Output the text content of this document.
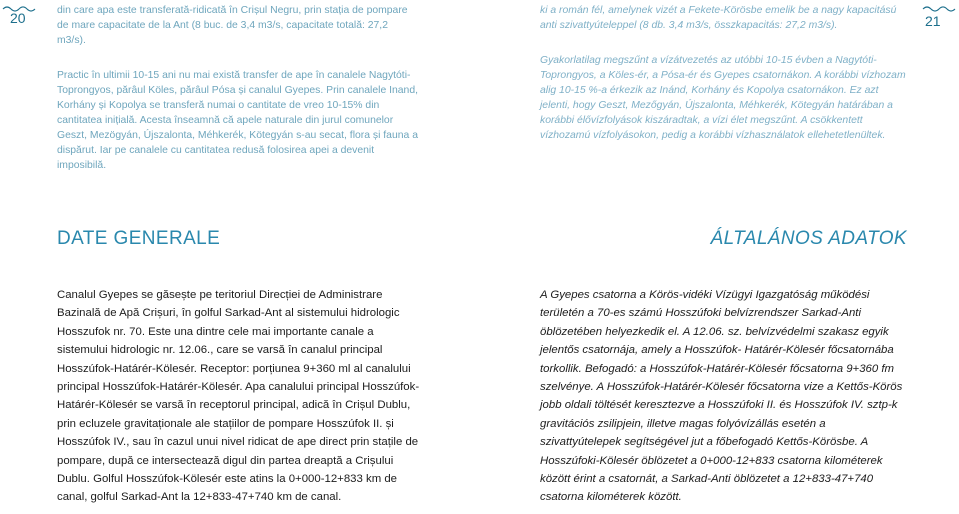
20	21

din care apa este transferată-ridicată în Crișul Negru, prin stația de pompare de mare capacitate de la Ant (8 buc. de 3,4 m3/s, capacitate totală: 27,2 m3/s).

Practic în ultimii 10-15 ani nu mai există transfer de ape în canalele Nagytóti-Toprongyos, părâul Köles, părâul Pósa și canalul Gyepes. Prin canalele Inand, Korhány și Kopolya se transferă numai o cantitate de vreo 10-15% din cantitatea inițială. Acesta înseamnă că apele naturale din jurul comunelor Geszt, Mezögyán, Újszalonta, Méhkerék, Kötegyán s-au secat, flora și fauna a dispărut. Iar pe canalele cu cantitatea redusă folosirea apei a devenit imposibilă.

DATE GENERALE

Canalul Gyepes se găsește pe teritoriul Direcției de Administrare Bazinală de Apă Crișuri, în golful Sarkad-Ant al sistemului hidrologic Hosszufok nr. 70. Este una dintre cele mai importante canale a sistemului hidrologic nr. 12.06., care se varsă în canalul principal Hosszúfok-Határér-Kölesér. Receptor: porțiunea 9+360 ml al canalului principal Hosszúfok-Határér-Kölesér. Apa canalului principal Hosszúfok-Határér-Kölesér se varsă în receptorul principal, adică în Crișul Dublu, prin ecluzele gravitaționale ale stațiilor de pompare Hosszúfok II. și Hosszúfok IV., sau în cazul unui nivel ridicat de ape direct prin stațile de pompare, după ce intersectează digul din partea dreaptă a Crișului Dublu. Golful Hosszúfok-Kölesér este atins la 0+000-12+833 km de canal, golful Sarkad-Ant la 12+833-47+740 km de canal.

ki a román fél, amelynek vizét a Fekete-Körösbe emelik be a nagy kapacitású anti szivattyúteleppel (8 db. 3,4 m3/s, összkapacitás: 27,2 m3/s).

Gyakorlatilag megszűnt a vízátvezetés az utóbbi 10-15 évben a Nagytóti-Toprongyos, a Köles-ér, a Pósa-ér és Gyepes csatornákon. A korábbi vízhozam alig 10-15 %-a érkezik az Inánd, Korhány és Kopolya csatornákon. Ez azt jelenti, hogy Geszt, Mezőgyán, Újszalonta, Méhkerék, Kötegyán határában a korábbi élővízfolyások kiszáradtak, a vízi élet megszűnt. A csökkentett vízhozamú vízfolyásokon, pedig a korábbi vízhasználatok ellehetetlenültek.

ÁLTALÁNOS ADATOK

A Gyepes csatorna a Körös-vidéki Vízügyi Igazgatóság működési területén a 70-es számú Hosszúfoki belvízrendszer Sarkad-Anti öblözetében helyezkedik el. A 12.06. sz. belvízvédelmi szakasz egyik jelentős csatornája, amely a Hosszúfok- Határér-Kölesér főcsatornába torkollik. Befogadó: a Hosszúfok-Határér-Kölesér főcsatorna 9+360 fm szelvénye. A Hosszúfok-Határér-Kölesér főcsatorna vize a Kettős-Körös jobb oldali töltését keresztezve a Hosszúfoki II. és Hosszúfok IV. sztp-k gravitációs zsilipjein, illetve magas folyóvízállás esetén a szivattyútelepek segítségével jut a főbefogadó Kettős-Körösbe. A Hosszúfoki-Kölesér öblözetet a 0+000-12+833 csatorna kilométerek között érint a csatornát, a Sarkad-Anti öblözetet a 12+833-47+740 csatorna kilométerek között.
